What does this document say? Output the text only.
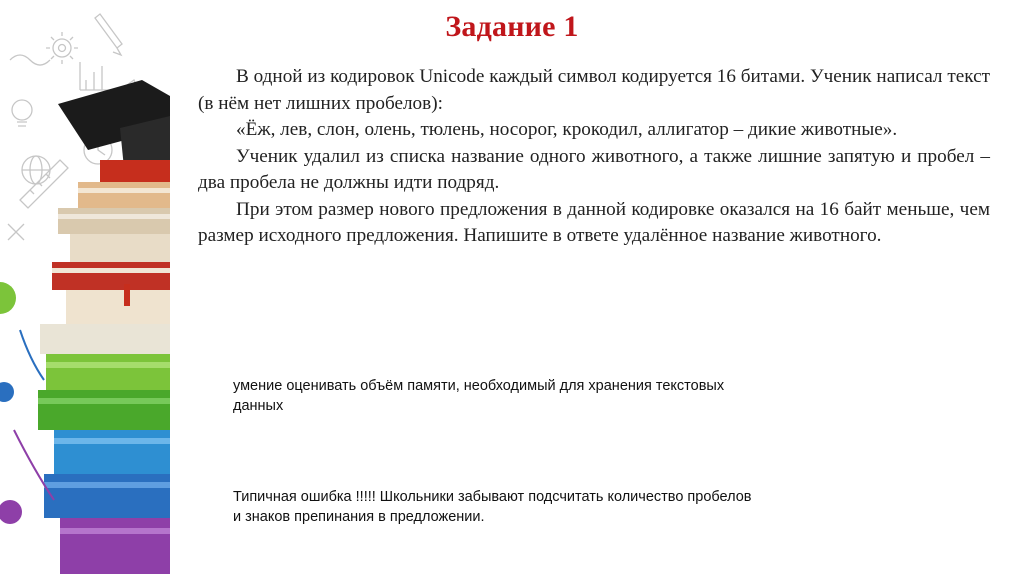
Задание 1

В одной из кодировок Unicode каждый символ кодируется 16 битами. Ученик написал текст (в нём нет лишних пробелов):

«Ёж, лев, слон, олень, тюлень, носорог, крокодил, аллигатор – дикие животные».

Ученик удалил из списка название одного животного, а также лишние запятую и пробел – два пробела не должны идти подряд.

При этом размер нового предложения в данной кодировке оказался на 16 байт меньше, чем размер исходного предложения. Напишите в ответе удалённое название животного.

умение оценивать объём памяти, необходимый для хранения текстовых данных
Типичная ошибка !!!!! Школьники забывают подсчитать количество пробелов и знаков препинания в предложении.
